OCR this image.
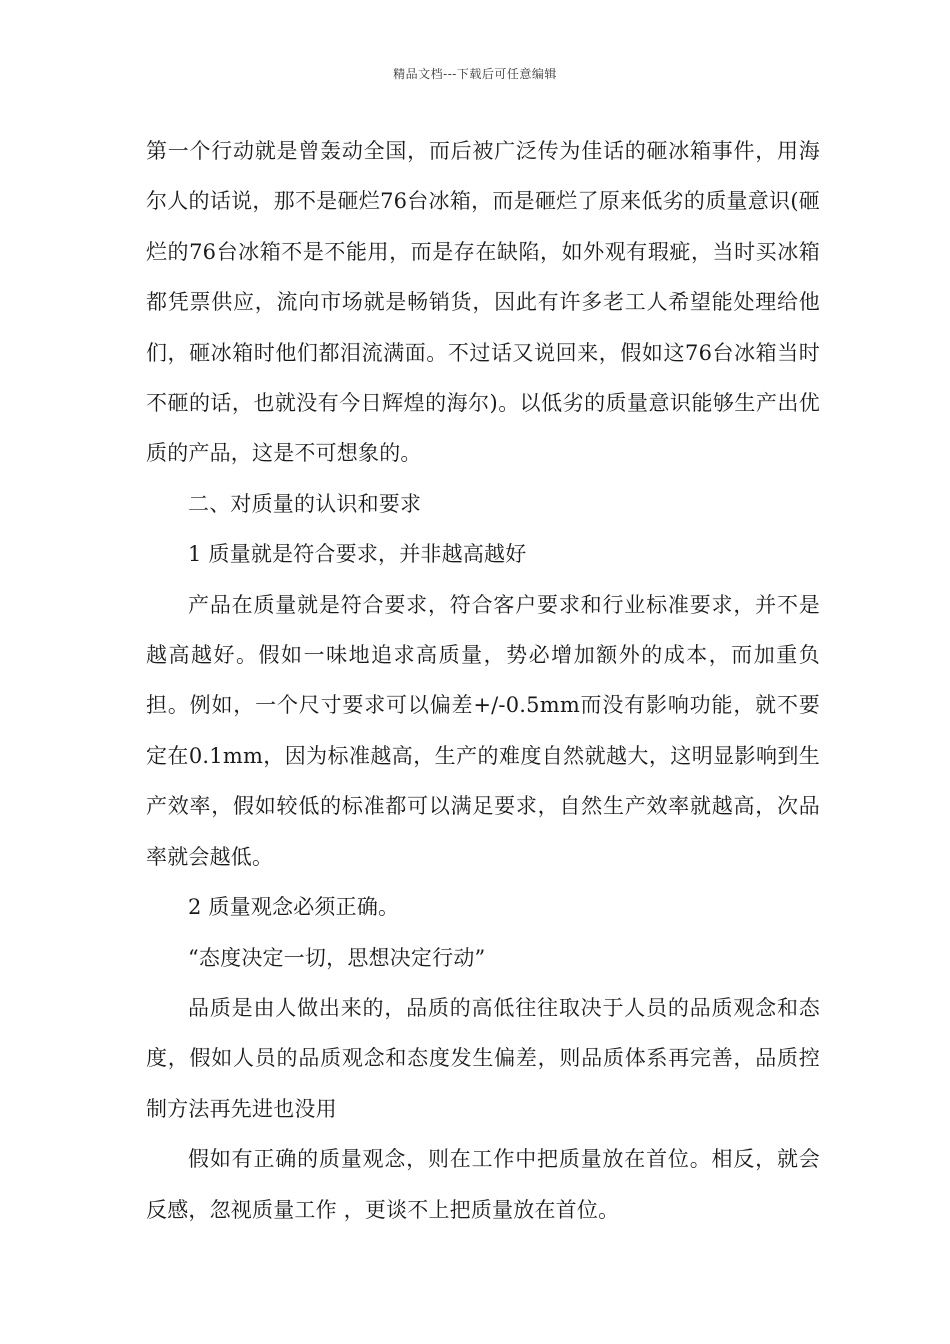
精品文档---下载后可任意编辑

第一个行动就是曾轰动全国，而后被广泛传为佳话的砸冰箱事件，用海尔人的话说，那不是砸烂76台冰箱，而是砸烂了原来低劣的质量意识(砸烂的76台冰箱不是不能用，而是存在缺陷，如外观有瑕疵，当时买冰箱都凭票供应，流向市场就是畅销货，因此有许多老工人希望能处理给他们，砸冰箱时他们都泪流满面。不过话又说回来，假如这76台冰箱当时不砸的话，也就没有今日辉煌的海尔)。以低劣的质量意识能够生产出优质的产品，这是不可想象的。

二、对质量的认识和要求

1 质量就是符合要求，并非越高越好

产品在质量就是符合要求，符合客户要求和行业标准要求，并不是越高越好。假如一味地追求高质量，势必增加额外的成本，而加重负担。例如，一个尺寸要求可以偏差+/-0.5mm而没有影响功能，就不要定在0.1mm，因为标准越高，生产的难度自然就越大，这明显影响到生产效率，假如较低的标准都可以满足要求，自然生产效率就越高，次品率就会越低。

2 质量观念必须正确。

“态度决定一切，思想决定行动”

品质是由人做出来的，品质的高低往往取决于人员的品质观念和态度，假如人员的品质观念和态度发生偏差，则品质体系再完善，品质控制方法再先进也没用

假如有正确的质量观念，则在工作中把质量放在首位。相反，就会反感，忽视质量工作 ，更谈不上把质量放在首位。
